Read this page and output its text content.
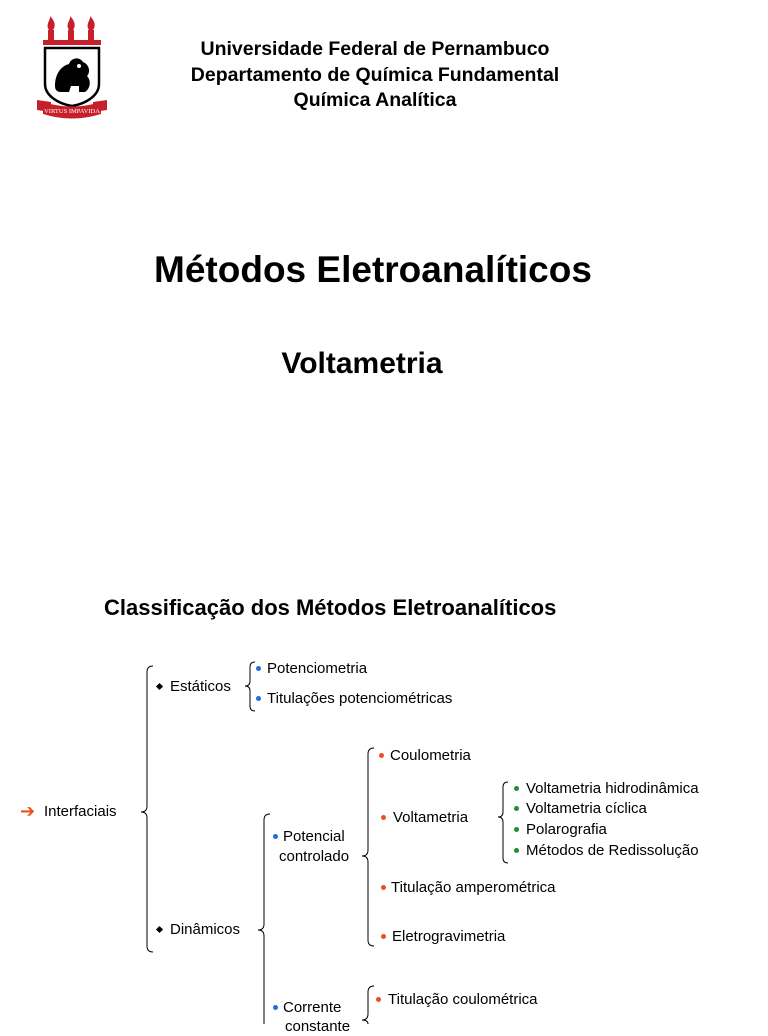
VIRTUS IMPAVIDA
Universidade Federal de Pernambuco
Departamento de Química Fundamental
Química Analítica
Métodos Eletroanalíticos
Voltametria
Classificação dos Métodos Eletroanalíticos
➔ Interfaciais
Estáticos
Potenciometria
Titulações potenciométricas
Dinâmicos
Potencial
controlado
Coulometria
Voltametria
Titulação amperométrica
Eletrogravimetria
Voltametria hidrodinâmica
Voltametria cíclica
Polarografia
Métodos de Redissolução
Corrente
constante
Titulação coulométrica
